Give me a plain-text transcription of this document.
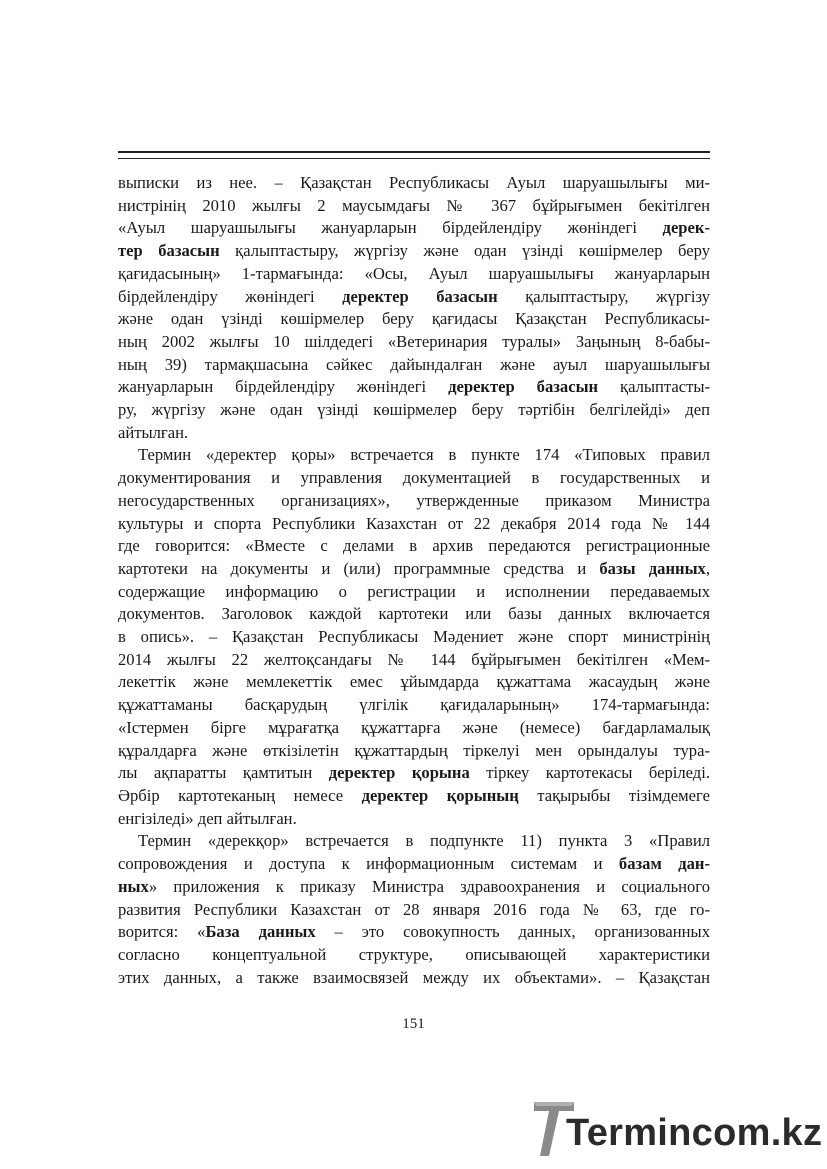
выписки из нее. – Қазақстан Республикасы Ауыл шаруашылығы ми-
нистрінің 2010 жылғы 2 маусымдағы № 367 бұйрығымен бекітілген
«Ауыл шаруашылығы жануарларын бірдейлендіру жөніндегі дерек-
тер базасын қалыптастыру, жүргізу және одан үзінді көшірмелер беру
қағидасының» 1-тармағында: «Осы, Ауыл шаруашылығы жануарларын
бірдейлендіру жөніндегі деректер базасын қалыптастыру, жүргізу
және одан үзінді көшірмелер беру қағидасы Қазақстан Республикасы-
ның 2002 жылғы 10 шілдедегі «Ветеринария туралы» Заңының 8-бабы-
ның 39) тармақшасына сәйкес дайындалған және ауыл шаруашылығы
жануарларын бірдейлендіру жөніндегі деректер базасын қалыптасты-
ру, жүргізу және одан үзінді көшірмелер беру тәртібін белгілейді» деп
айтылған.
Термин «деректер қоры» встречается в пункте 174 «Типовых правил
документирования и управления документацией в государственных и
негосударственных организациях», утвержденные приказом Министра
культуры и спорта Республики Казахстан от 22 декабря 2014 года № 144
где говорится: «Вместе с делами в архив передаются регистрационные
картотеки на документы и (или) программные средства и базы данных,
содержащие информацию о регистрации и исполнении передаваемых
документов. Заголовок каждой картотеки или базы данных включается
в опись». – Қазақстан Республикасы Мәдениет және спорт министрінің
2014 жылғы 22 желтоқсандағы № 144 бұйрығымен бекітілген «Мем-
лекеттік және мемлекеттік емес ұйымдарда құжаттама жасаудың және
құжаттаманы басқарудың үлгілік қағидаларының» 174-тармағында:
«Істермен бірге мұрағатқа құжаттарға және (немесе) бағдарламалық
құралдарға және өткізілетін құжаттардың тіркелуі мен орындалуы тура-
лы ақпаратты қамтитын деректер қорына тіркеу картотекасы беріледі.
Әрбір картотеканың немесе деректер қорының тақырыбы тізімдемеге
енгізіледі» деп айтылған.
Термин «дерекқор» встречается в подпункте 11) пункта 3 «Правил
сопровождения и доступа к информационным системам и базам дан-
ных» приложения к приказу Министра здравоохранения и социального
развития Республики Казахстан от 28 января 2016 года № 63, где го-
ворится: «База данных – это совокупность данных, организованных
согласно концептуальной структуре, описывающей характеристики
этих данных, а также взаимосвязей между их объектами». – Қазақстан
151
Termincom.kz
